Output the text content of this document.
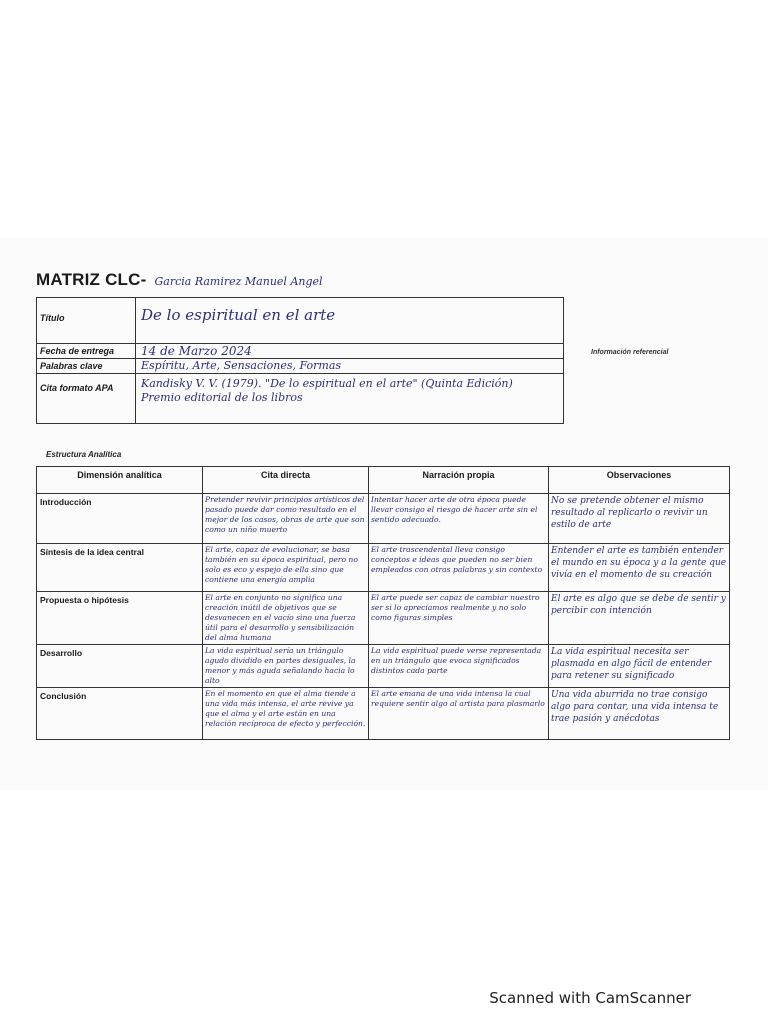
MATRIZ CLC - Garcia Ramirez Manuel Angel
Título	De lo espiritual en el arte
Fecha de entrega	14 de Marzo 2024
Palabras clave	Espíritu, Arte, Sensaciones, Formas
Cita formato APA	Kandisky V. V. (1979). "De lo espiritual en el arte" (Quinta Edición)
Premio editorial de los libros
Información referencial
Estructura Analítica
Dimensión analítica	Cita directa	Narración propia	Observaciones
Introducción	Pretender revivir principios artísticos del pasado puede dar como resultado en el mejor de los casos, obras de arte que son como un niño muerto	Intentar hacer arte de otra época puede llevar consigo el riesgo de hacer arte sin el sentido adecuado.	No se pretende obtener el mismo resultado al replicarlo o revivir un estilo de arte
Síntesis de la idea central	El arte, capaz de evolucionar, se basa también en su época espiritual, pero no solo es eco y espejo de ella sino que contiene una energía amplia	El arte trascendental lleva consigo conceptos e ideas que pueden no ser bien empleados con otras palabras y sin contexto	Entender el arte es también entender el mundo en su época y a la gente que vivía en el momento de su creación
Propuesta o hipótesis	El arte en conjunto no significa una creación inútil de objetivos que se desvanecen en el vacío sino una fuerza útil para el desarrollo y sensibilización del alma humana	El arte puede ser capaz de cambiar nuestro ser si lo apreciamos realmente y no solo como figuras simples	El arte es algo que se debe de sentir y percibir con intención
Desarrollo	La vida espiritual sería un triángulo agudo dividido en partes desiguales, la menor y más aguda señalando hacia lo alto	La vida espiritual puede verse representada en un triángulo que evoca significados distintos cada parte	La vida espiritual necesita ser plasmada en algo fácil de entender para retener su significado
Conclusión	En el momento en que el alma tiende a una vida más intensa, el arte revive ya que el alma y el arte están en una relación recíproca de efecto y perfección.	El arte emana de una vida intensa la cual requiere sentir algo al artista para plasmarlo	Una vida aburrida no trae consigo algo para contar, una vida intensa te trae pasión y anécdotas
Scanned with CamScanner
